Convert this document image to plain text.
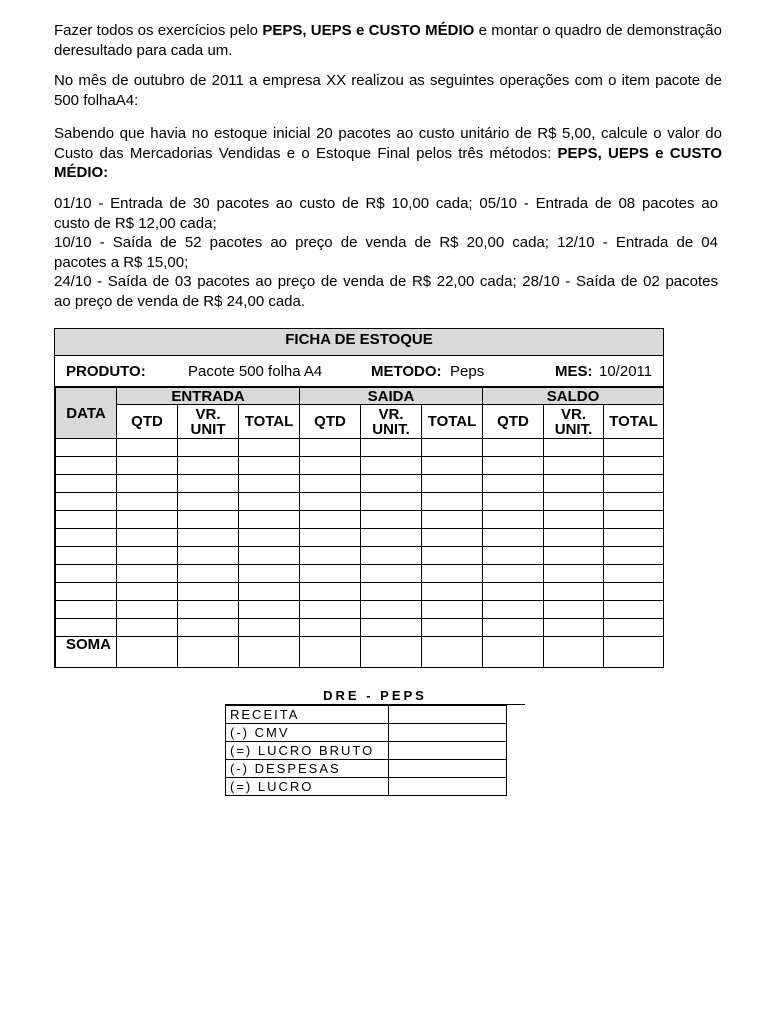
Fazer todos os exercícios pelo PEPS, UEPS e CUSTO MÉDIO e montar o quadro de demonstração deresultado para cada um.

No mês de outubro de 2011 a empresa XX realizou as seguintes operações com o item pacote de 500 folhaA4:

Sabendo que havia no estoque inicial 20 pacotes ao custo unitário de R$ 5,00, calcule o valor do Custo das Mercadorias Vendidas e o Estoque Final pelos três métodos: PEPS, UEPS e CUSTO MÉDIO:

01/10 - Entrada de 30 pacotes ao custo de R$ 10,00 cada; 05/10 - Entrada de 08 pacotes ao
custo de R$ 12,00 cada;
10/10 - Saída de 52 pacotes ao preço de venda de R$ 20,00 cada; 12/10 - Entrada de 04
pacotes a R$ 15,00;
24/10 - Saída de 03 pacotes ao preço de venda de R$ 22,00 cada; 28/10 - Saída de 02 pacotes
ao preço de venda de R$ 24,00 cada.
FICHA DE ESTOQUE
PRODUTO:	Pacote 500 folha A4	METODO: Peps	MES: 10/2011
DATA	ENTRADA			SAIDA			SALDO		
	QTD	VR. UNIT	TOTAL	QTD	VR. UNIT.	TOTAL	QTD	VR. UNIT.	TOTAL

SOMA									
DRE - PEPS
RECEITA	
(-) CMV	
(=) LUCRO BRUTO	
(-) DESPESAS	
(=) LUCRO	
